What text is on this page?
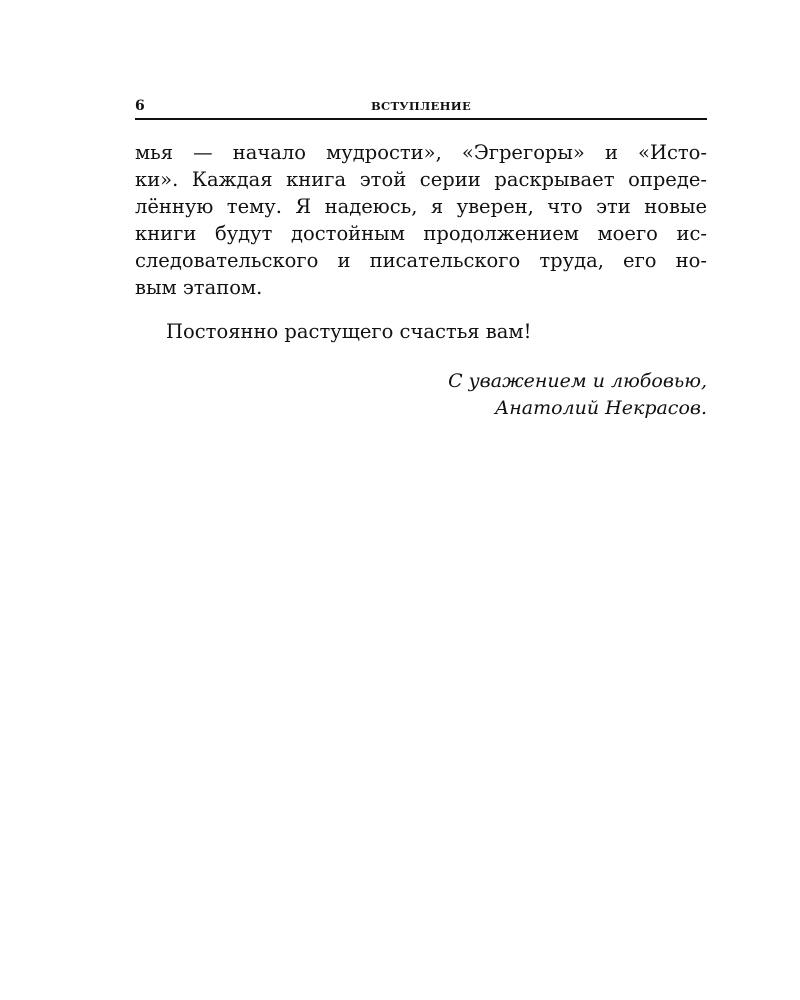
6	ВСТУПЛЕНИЕ
мья — начало мудрости», «Эгрегоры» и «Исто-
ки». Каждая книга этой серии раскрывает опреде-
лённую тему. Я надеюсь, я уверен, что эти новые
книги будут достойным продолжением моего ис-
следовательского и писательского труда, его но-
вым этапом.
Постоянно растущего счастья вам!
С уважением и любовью,
Анатолий Некрасов.
